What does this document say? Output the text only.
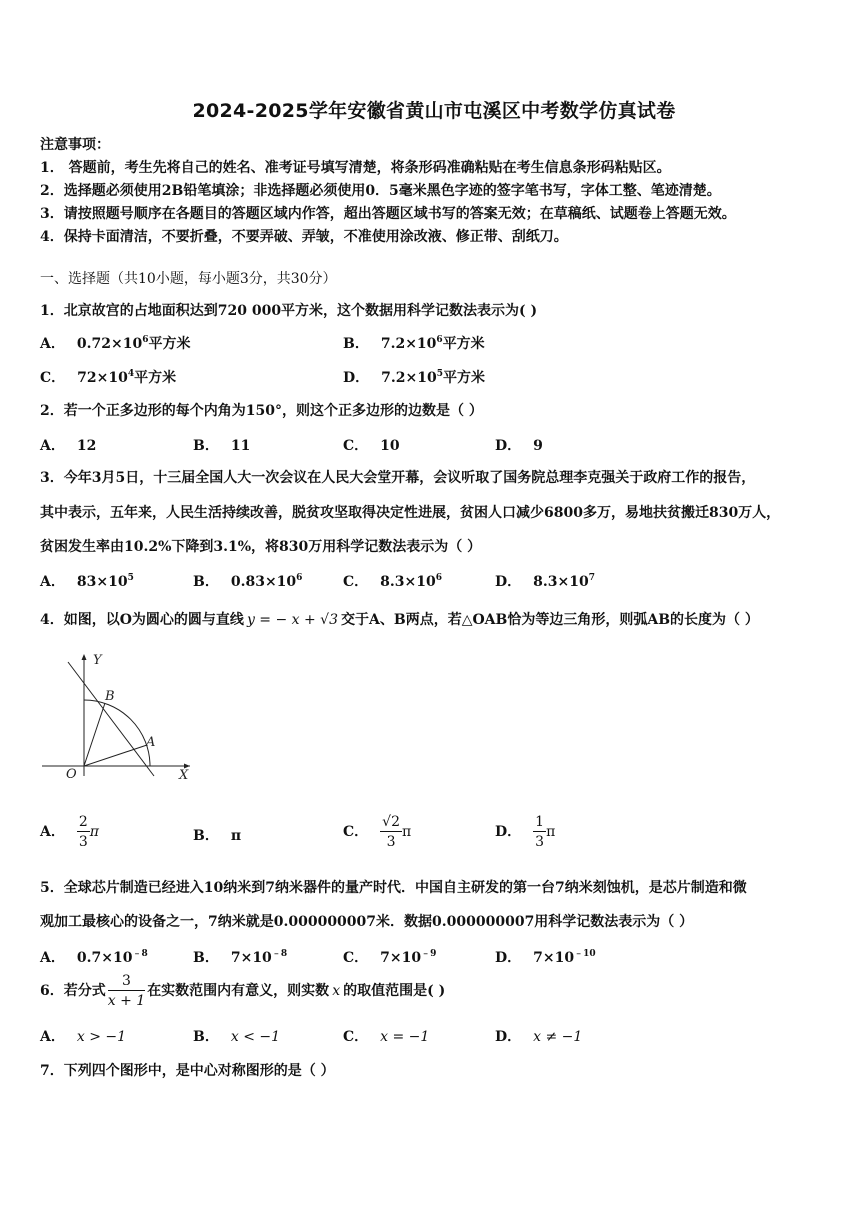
2024-2025学年安徽省黄山市屯溪区中考数学仿真试卷
注意事项：
1． 答题前，考生先将自己的姓名、准考证号填写清楚，将条形码准确粘贴在考生信息条形码粘贴区。
2．选择题必须使用2B铅笔填涂；非选择题必须使用0．5毫米黑色字迹的签字笔书写，字体工整、笔迹清楚。
3．请按照题号顺序在各题目的答题区域内作答，超出答题区域书写的答案无效；在草稿纸、试题卷上答题无效。
4．保持卡面清洁，不要折叠，不要弄破、弄皱，不准使用涂改液、修正带、刮纸刀。
一、选择题（共10小题，每小题3分，共30分）
1．北京故宫的占地面积达到720 000平方米，这个数据用科学记数法表示为( )
A． $0.72\times 10^6$平方米	B． $7.2\times 10^6$平方米
C． $72\times 10^4$平方米	D． $7.2\times 10^5$平方米
2．若一个正多边形的每个内角为150°，则这个正多边形的边数是（ ）
A． 12	B． 11	C． 10	D． 9
3．今年3月5日，十三届全国人大一次会议在人民大会堂开幕，会议听取了国务院总理李克强关于政府工作的报告，
其中表示，五年来，人民生活持续改善，脱贫攻坚取得决定性进展，贫困人口减少6800多万，易地扶贫搬迁830万人，
贫困发生率由10.2%下降到3.1%，将830万用科学记数法表示为（ ）
A． $83\times 10^5$	B． $0.83\times 10^6$	C． $8.3\times 10^6$	D． $8.3\times 10^7$
4．如图，以O为圆心的圆与直线 y = − x + √3 交于A、B两点，若△OAB恰为等边三角形，则弧AB的长度为（ ）
Y
X
O
A
B
A． $\frac{2}{3}$ π	B． π	C． $\frac{√2}{3}$ π	D． $\frac{1}{3}$ π
5．全球芯片制造已经进入10纳米到7纳米器件的量产时代．中国自主研发的第一台7纳米刻蚀机，是芯片制造和微
观加工最核心的设备之一，7纳米就是0.000000007米．数据0.000000007用科学记数法表示为（ ）
A． $0.7\times 10^{﹣8}$	B． $7\times 10^{﹣8}$	C． $7\times 10^{﹣9}$	D． $7\times 10^{﹣10}$
6．若分式 $\frac{3}{x + 1}$ 在实数范围内有意义，则实数 x 的取值范围是( )
A． x > −1	B． x < −1	C． x = −1	D． x ≠ −1
7．下列四个图形中，是中心对称图形的是（ ）
